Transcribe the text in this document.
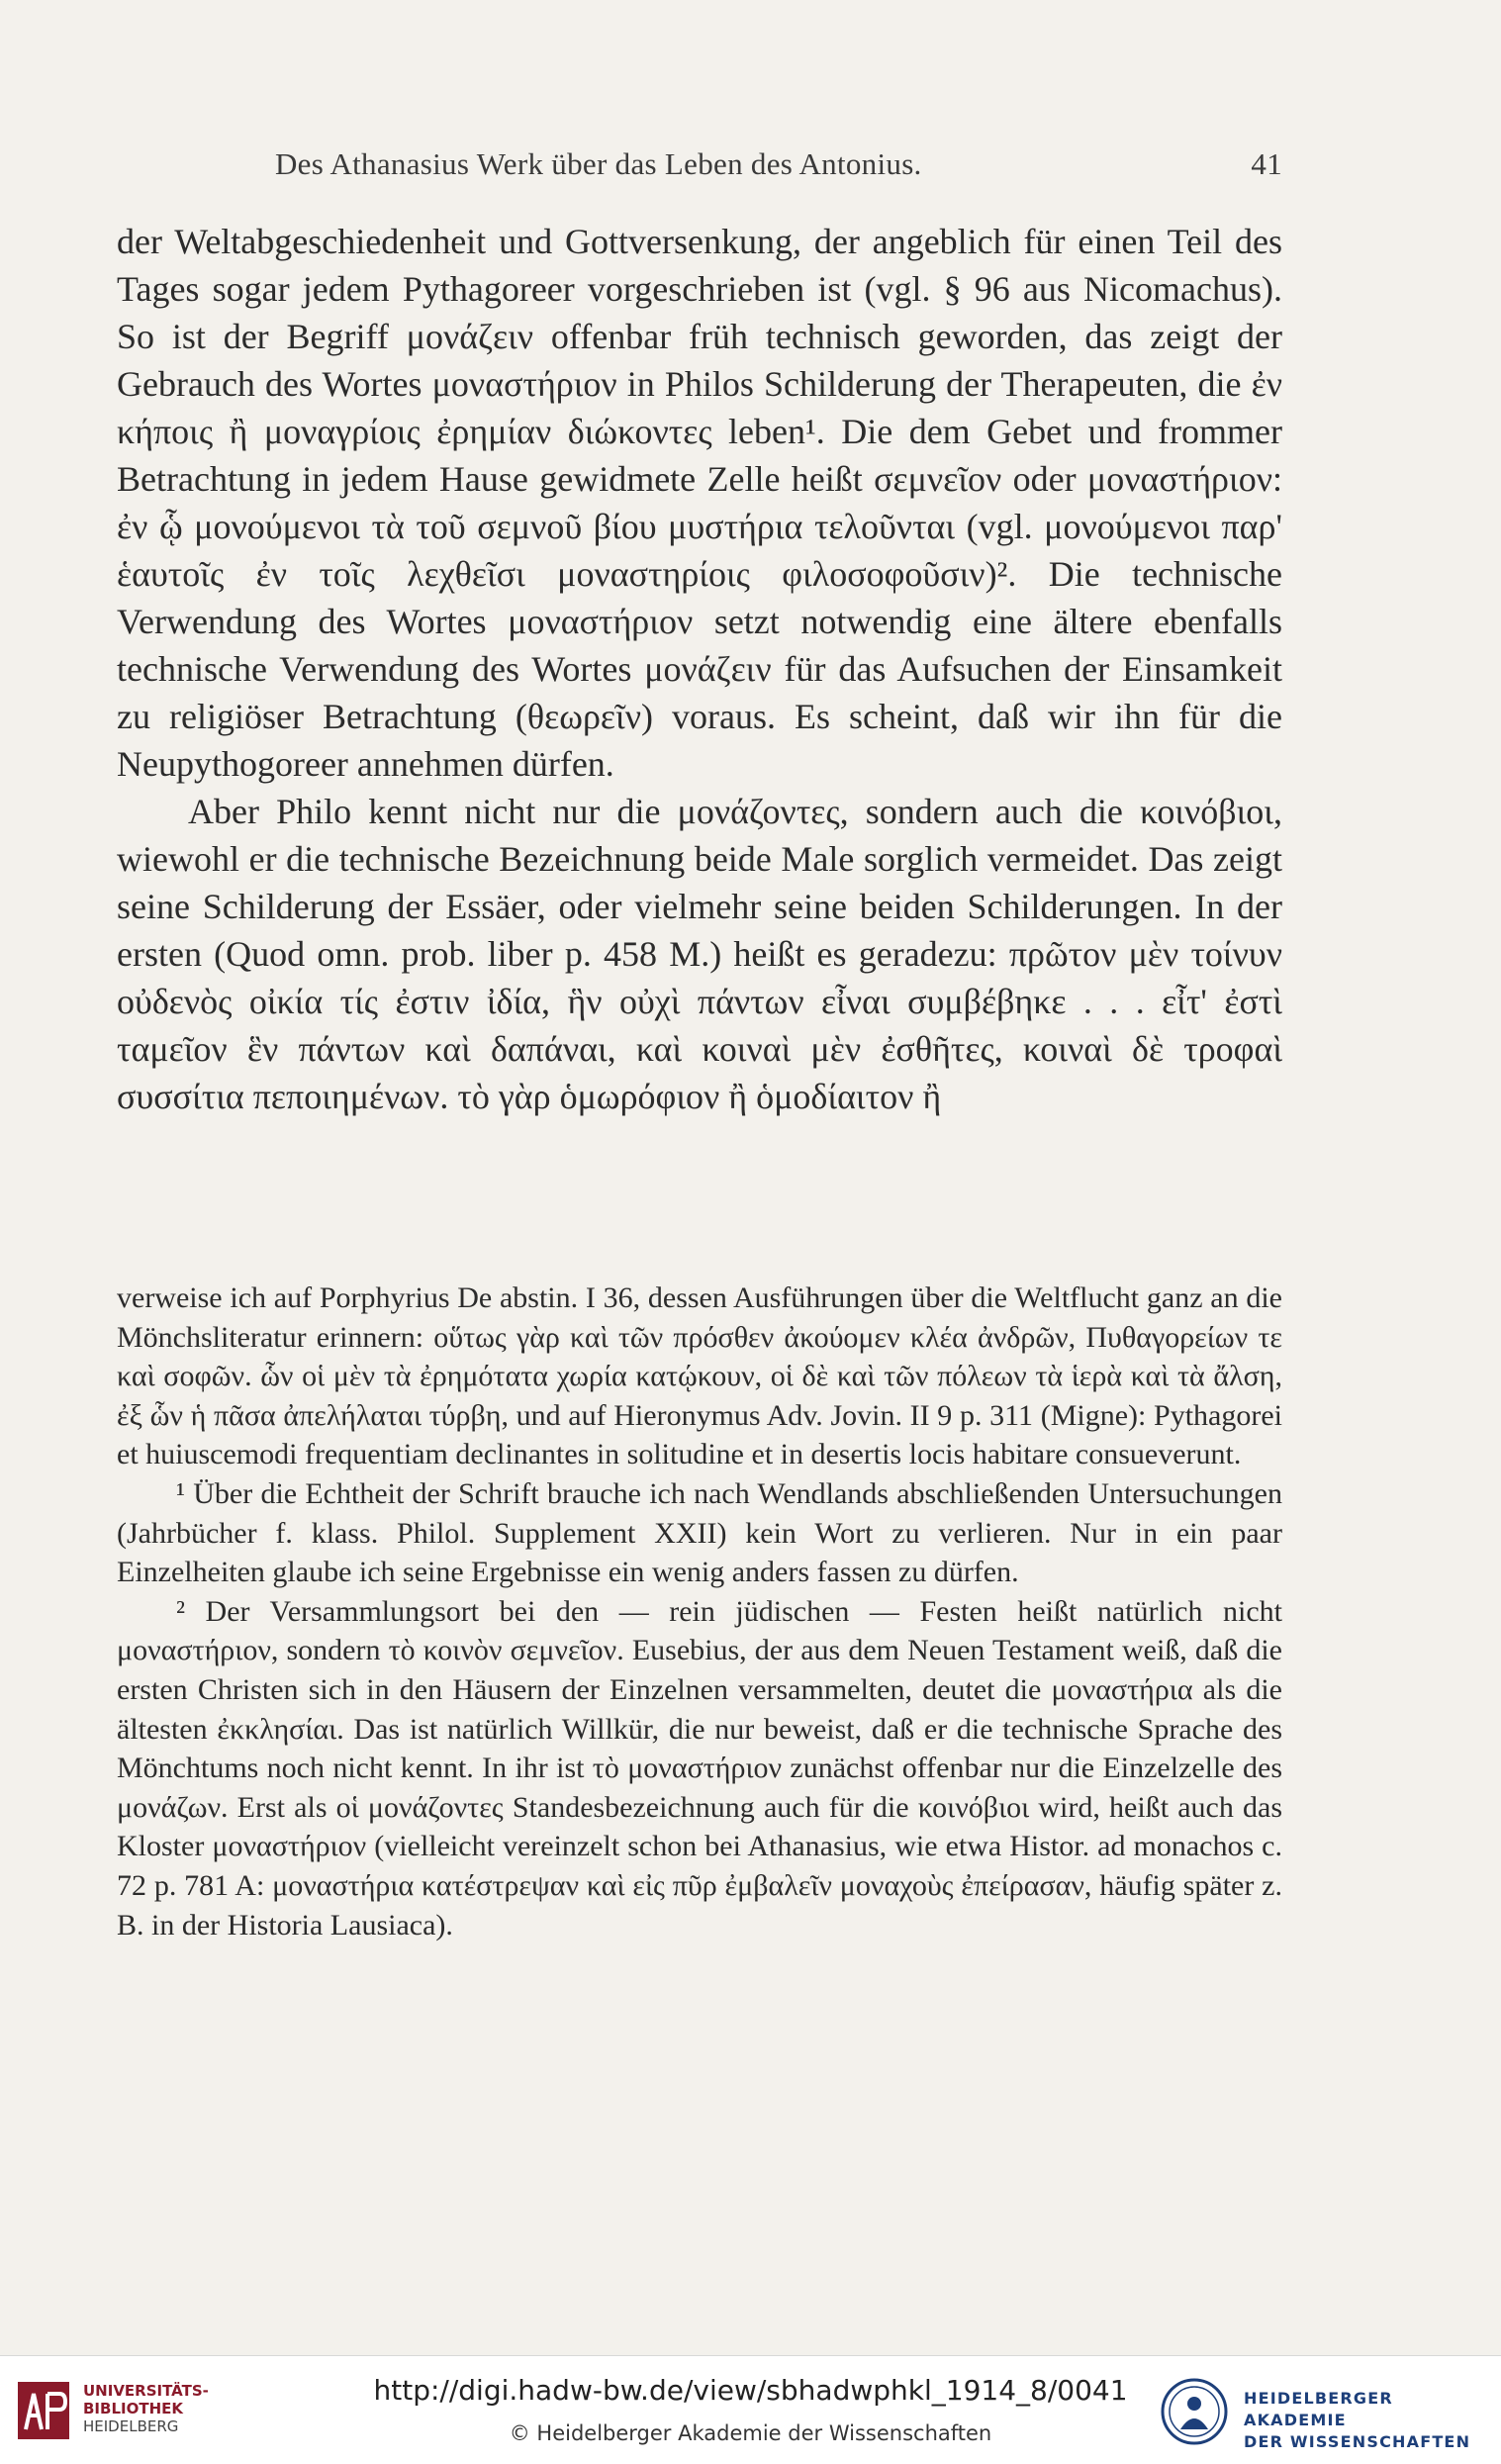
Des Athanasius Werk über das Leben des Antonius.	41

der Weltabgeschiedenheit und Gottversenkung, der angeblich für einen Teil des Tages sogar jedem Pythagoreer vorgeschrieben ist (vgl. § 96 aus Nicomachus). So ist der Begriff μονάζειν offenbar früh technisch geworden, das zeigt der Gebrauch des Wortes μοναστήριον in Philos Schilderung der Therapeuten, die ἐν κήποις ἢ μοναγρίοις ἐρημίαν διώκοντες leben¹. Die dem Gebet und frommer Betrachtung in jedem Hause gewidmete Zelle heißt σεμνεῖον oder μοναστήριον: ἐν ᾧ μονούμενοι τὰ τοῦ σεμνοῦ βίου μυστήρια τελοῦνται (vgl. μονούμενοι παρ' ἑαυτοῖς ἐν τοῖς λεχθεῖσι μοναστηρίοις φιλοσοφοῦσιν)². Die technische Verwendung des Wortes μοναστήριον setzt notwendig eine ältere ebenfalls technische Verwendung des Wortes μονάζειν für das Aufsuchen der Einsamkeit zu religiöser Betrachtung (θεωρεῖν) voraus. Es scheint, daß wir ihn für die Neupythogoreer annehmen dürfen.

Aber Philo kennt nicht nur die μονάζοντες, sondern auch die κοινόβιοι, wiewohl er die technische Bezeichnung beide Male sorglich vermeidet. Das zeigt seine Schilderung der Essäer, oder vielmehr seine beiden Schilderungen. In der ersten (Quod omn. prob. liber p. 458 M.) heißt es geradezu: πρῶτον μὲν τοίνυν οὐδενὸς οἰκία τίς ἐστιν ἰδία, ἣν οὐχὶ πάντων εἶναι συμβέβηκε . . . εἶτ' ἐστὶ ταμεῖον ἓν πάντων καὶ δαπάναι, καὶ κοιναὶ μὲν ἐσθῆτες, κοιναὶ δὲ τροφαὶ συσσίτια πεποιημένων. τὸ γὰρ ὁμωρόφιον ἢ ὁμοδίαιτον ἢ

verweise ich auf Porphyrius De abstin. I 36, dessen Ausführungen über die Weltflucht ganz an die Mönchsliteratur erinnern: οὕτως γὰρ καὶ τῶν πρόσθεν ἀκούομεν κλέα ἀνδρῶν, Πυθαγορείων τε καὶ σοφῶν. ὧν οἱ μὲν τὰ ἐρημότατα χωρία κατῴκουν, οἱ δὲ καὶ τῶν πόλεων τὰ ἱερὰ καὶ τὰ ἄλση, ἐξ ὧν ἡ πᾶσα ἀπελήλαται τύρβη, und auf Hieronymus Adv. Jovin. II 9 p. 311 (Migne): Pythagorei et huiuscemodi frequentiam declinantes in solitudine et in desertis locis habitare consueverunt.

¹ Über die Echtheit der Schrift brauche ich nach Wendlands abschließenden Untersuchungen (Jahrbücher f. klass. Philol. Supplement XXII) kein Wort zu verlieren. Nur in ein paar Einzelheiten glaube ich seine Ergebnisse ein wenig anders fassen zu dürfen.

² Der Versammlungsort bei den — rein jüdischen — Festen heißt natürlich nicht μοναστήριον, sondern τὸ κοινὸν σεμνεῖον. Eusebius, der aus dem Neuen Testament weiß, daß die ersten Christen sich in den Häusern der Einzelnen versammelten, deutet die μοναστήρια als die ältesten ἐκκλησίαι. Das ist natürlich Willkür, die nur beweist, daß er die technische Sprache des Mönchtums noch nicht kennt. In ihr ist τὸ μοναστήριον zunächst offenbar nur die Einzelzelle des μονάζων. Erst als οἱ μονάζοντες Standesbezeichnung auch für die κοινόβιοι wird, heißt auch das Kloster μοναστήριον (vielleicht vereinzelt schon bei Athanasius, wie etwa Histor. ad monachos c. 72 p. 781 A: μοναστήρια κατέστρεψαν καὶ εἰς πῦρ ἐμβαλεῖν μοναχοὺς ἐπείρασαν, häufig später z. B. in der Historia Lausiaca).

UNIVERSITÄTS-
BIBLIOTHEK
HEIDELBERG
http://digi.hadw-bw.de/view/sbhadwphkl_1914_8/0041
© Heidelberger Akademie der Wissenschaften
HEIDELBERGER AKADEMIE
DER WISSENSCHAFTEN
